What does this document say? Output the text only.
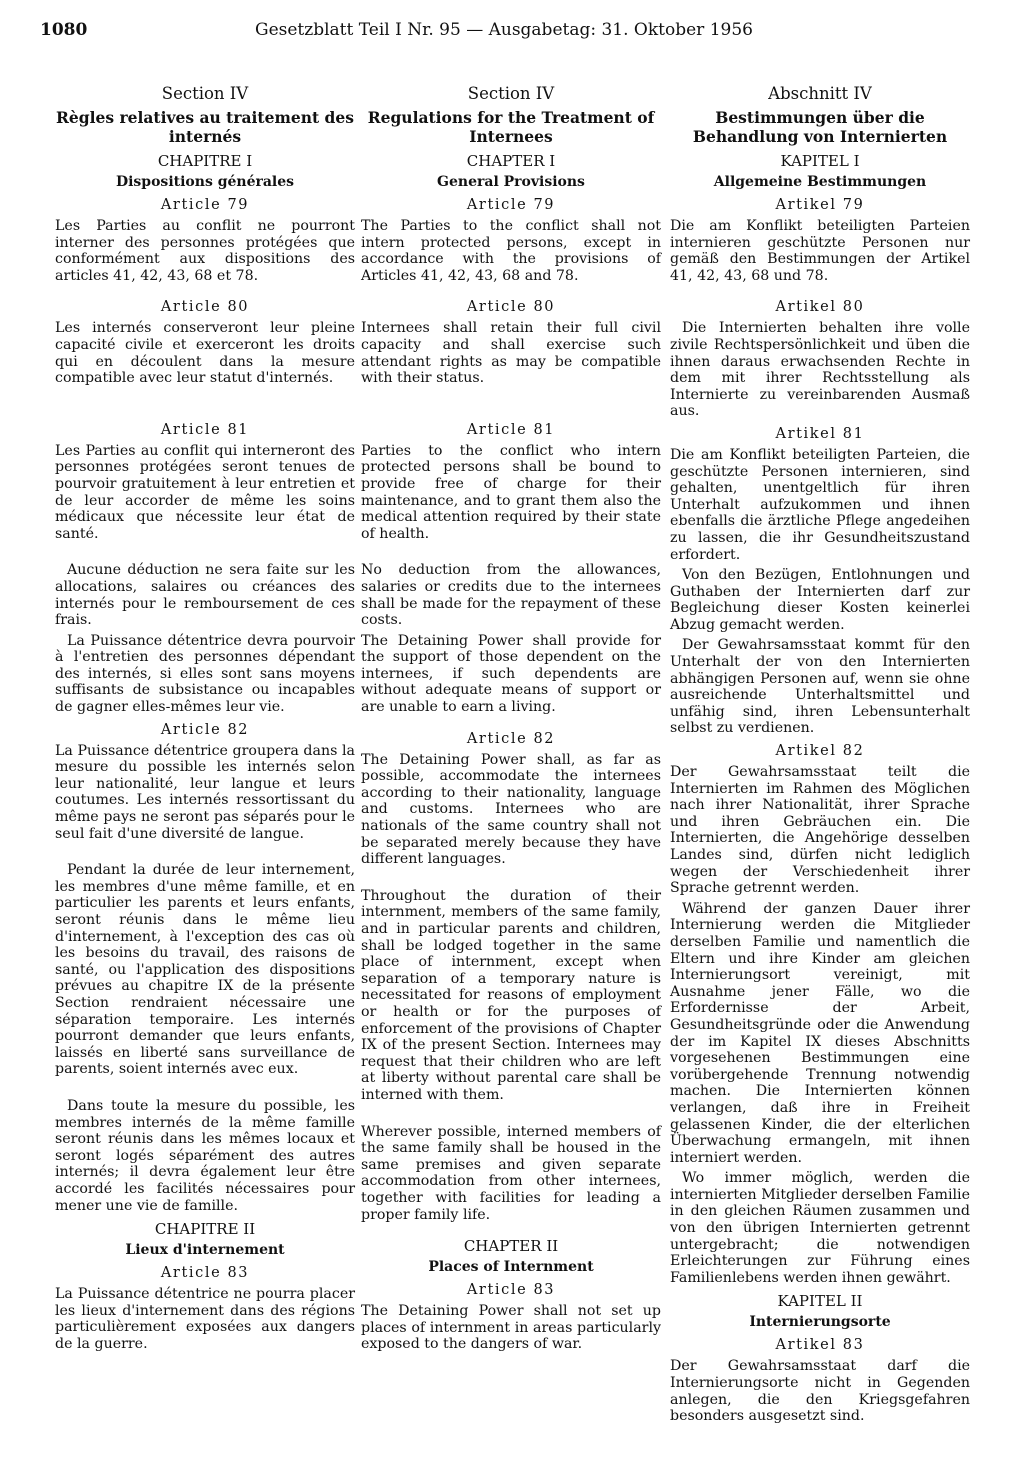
1080	Gesetzblatt Teil I Nr. 95 — Ausgabetag: 31. Oktober 1956
Section IV
Règles relatives au traitement des internés
CHAPITRE I
Dispositions générales
Article 79

Les Parties au conflit ne pourront interner des personnes protégées que conformément aux dispositions des articles 41, 42, 43, 68 et 78.

Article 80

Les internés conserveront leur pleine capacité civile et exerceront les droits qui en découlent dans la mesure compatible avec leur statut d'internés.

Article 81

Les Parties au conflit qui interneront des personnes protégées seront tenues de pourvoir gratuitement à leur entretien et de leur accorder de même les soins médicaux que nécessite leur état de santé.

Aucune déduction ne sera faite sur les allocations, salaires ou créances des internés pour le remboursement de ces frais.

La Puissance détentrice devra pourvoir à l'entretien des personnes dépendant des internés, si elles sont sans moyens suffisants de subsistance ou incapables de gagner elles-mêmes leur vie.

Article 82

La Puissance détentrice groupera dans la mesure du possible les internés selon leur nationalité, leur langue et leurs coutumes. Les internés ressortissant du même pays ne seront pas séparés pour le seul fait d'une diversité de langue.

Pendant la durée de leur internement, les membres d'une même famille, et en particulier les parents et leurs enfants, seront réunis dans le même lieu d'internement, à l'exception des cas où les besoins du travail, des raisons de santé, ou l'application des dispositions prévues au chapitre IX de la présente Section rendraient nécessaire une séparation temporaire. Les internés pourront demander que leurs enfants, laissés en liberté sans surveillance de parents, soient internés avec eux.

Dans toute la mesure du possible, les membres internés de la même famille seront réunis dans les mêmes locaux et seront logés séparément des autres internés; il devra également leur être accordé les facilités nécessaires pour mener une vie de famille.

CHAPITRE II
Lieux d'internement
Article 83

La Puissance détentrice ne pourra placer les lieux d'internement dans des régions particulièrement exposées aux dangers de la guerre.

Section IV
Regulations for the Treatment of Internees
CHAPTER I
General Provisions
Article 79

The Parties to the conflict shall not intern protected persons, except in accordance with the provisions of Articles 41, 42, 43, 68 and 78.

Article 80

Internees shall retain their full civil capacity and shall exercise such attendant rights as may be compatible with their status.

Article 81

Parties to the conflict who intern protected persons shall be bound to provide free of charge for their maintenance, and to grant them also the medical attention required by their state of health.

No deduction from the allowances, salaries or credits due to the internees shall be made for the repayment of these costs.

The Detaining Power shall provide for the support of those dependent on the internees, if such dependents are without adequate means of support or are unable to earn a living.

Article 82

The Detaining Power shall, as far as possible, accommodate the internees according to their nationality, language and customs. Internees who are nationals of the same country shall not be separated merely because they have different languages.

Throughout the duration of their internment, members of the same family, and in particular parents and children, shall be lodged together in the same place of internment, except when separation of a temporary nature is necessitated for reasons of employment or health or for the purposes of enforcement of the provisions of Chapter IX of the present Section. Internees may request that their children who are left at liberty without parental care shall be interned with them.

Wherever possible, interned members of the same family shall be housed in the same premises and given separate accommodation from other internees, together with facilities for leading a proper family life.

CHAPTER II
Places of Internment
Article 83

The Detaining Power shall not set up places of internment in areas particularly exposed to the dangers of war.

Abschnitt IV
Bestimmungen über die Behandlung von Internierten
KAPITEL I
Allgemeine Bestimmungen
Artikel 79

Die am Konflikt beteiligten Parteien internieren geschützte Personen nur gemäß den Bestimmungen der Artikel 41, 42, 43, 68 und 78.

Artikel 80

Die Internierten behalten ihre volle zivile Rechtspersönlichkeit und üben die ihnen daraus erwachsenden Rechte in dem mit ihrer Rechtsstellung als Internierte zu vereinbarenden Ausmaß aus.

Artikel 81

Die am Konflikt beteiligten Parteien, die geschützte Personen internieren, sind gehalten, unentgeltlich für ihren Unterhalt aufzukommen und ihnen ebenfalls die ärztliche Pflege angedeihen zu lassen, die ihr Gesundheitszustand erfordert.

Von den Bezügen, Entlohnungen und Guthaben der Internierten darf zur Begleichung dieser Kosten keinerlei Abzug gemacht werden.

Der Gewahrsamsstaat kommt für den Unterhalt der von den Internierten abhängigen Personen auf, wenn sie ohne ausreichende Unterhaltsmittel und unfähig sind, ihren Lebensunterhalt selbst zu verdienen.

Artikel 82

Der Gewahrsamsstaat teilt die Internierten im Rahmen des Möglichen nach ihrer Nationalität, ihrer Sprache und ihren Gebräuchen ein. Die Internierten, die Angehörige desselben Landes sind, dürfen nicht lediglich wegen der Verschiedenheit ihrer Sprache getrennt werden.

Während der ganzen Dauer ihrer Internierung werden die Mitglieder derselben Familie und namentlich die Eltern und ihre Kinder am gleichen Internierungsort vereinigt, mit Ausnahme jener Fälle, wo die Erfordernisse der Arbeit, Gesundheitsgründe oder die Anwendung der im Kapitel IX dieses Abschnitts vorgesehenen Bestimmungen eine vorübergehende Trennung notwendig machen. Die Internierten können verlangen, daß ihre in Freiheit gelassenen Kinder, die der elterlichen Überwachung ermangeln, mit ihnen interniert werden.

Wo immer möglich, werden die internierten Mitglieder derselben Familie in den gleichen Räumen zusammen und von den übrigen Internierten getrennt untergebracht; die notwendigen Erleichterungen zur Führung eines Familienlebens werden ihnen gewährt.

KAPITEL II
Internierungsorte
Artikel 83

Der Gewahrsamsstaat darf die Internierungsorte nicht in Gegenden anlegen, die den Kriegsgefahren besonders ausgesetzt sind.
